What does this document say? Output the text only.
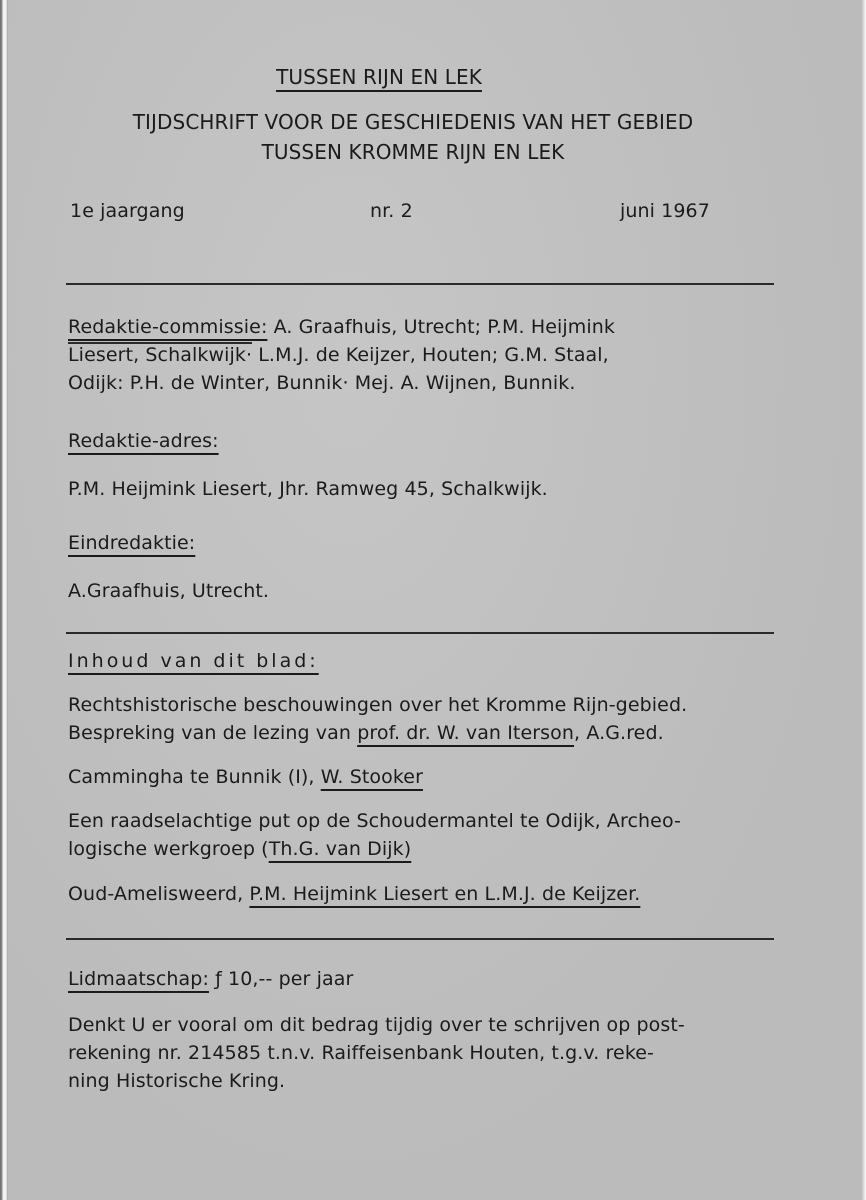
TUSSEN RIJN EN LEK
TIJDSCHRIFT VOOR DE GESCHIEDENIS VAN HET GEBIED
TUSSEN KROMME RIJN EN LEK
1e jaargang	nr. 2	juni 1967
Redaktie-commissie: A. Graafhuis, Utrecht; P.M. Heijmink
Liesert, Schalkwijk· L.M.J. de Keijzer, Houten; G.M. Staal,
Odijk: P.H. de Winter, Bunnik· Mej. A. Wijnen, Bunnik.
Redaktie-adres:
P.M. Heijmink Liesert, Jhr. Ramweg 45, Schalkwijk.
Eindredaktie:
A.Graafhuis, Utrecht.
Inhoud van dit blad:
Rechtshistorische beschouwingen over het Kromme Rijn-gebied.
Bespreking van de lezing van prof. dr. W. van Iterson, A.G.red.
Cammingha te Bunnik (I), W. Stooker
Een raadselachtige put op de Schoudermantel te Odijk, Archeo-
logische werkgroep (Th.G. van Dijk)
Oud-Amelisweerd, P.M. Heijmink Liesert en L.M.J. de Keijzer.
Lidmaatschap: ƒ 10,-- per jaar
Denkt U er vooral om dit bedrag tijdig over te schrijven op post-
rekening nr. 214585 t.n.v. Raiffeisenbank Houten, t.g.v. reke-
ning Historische Kring.
